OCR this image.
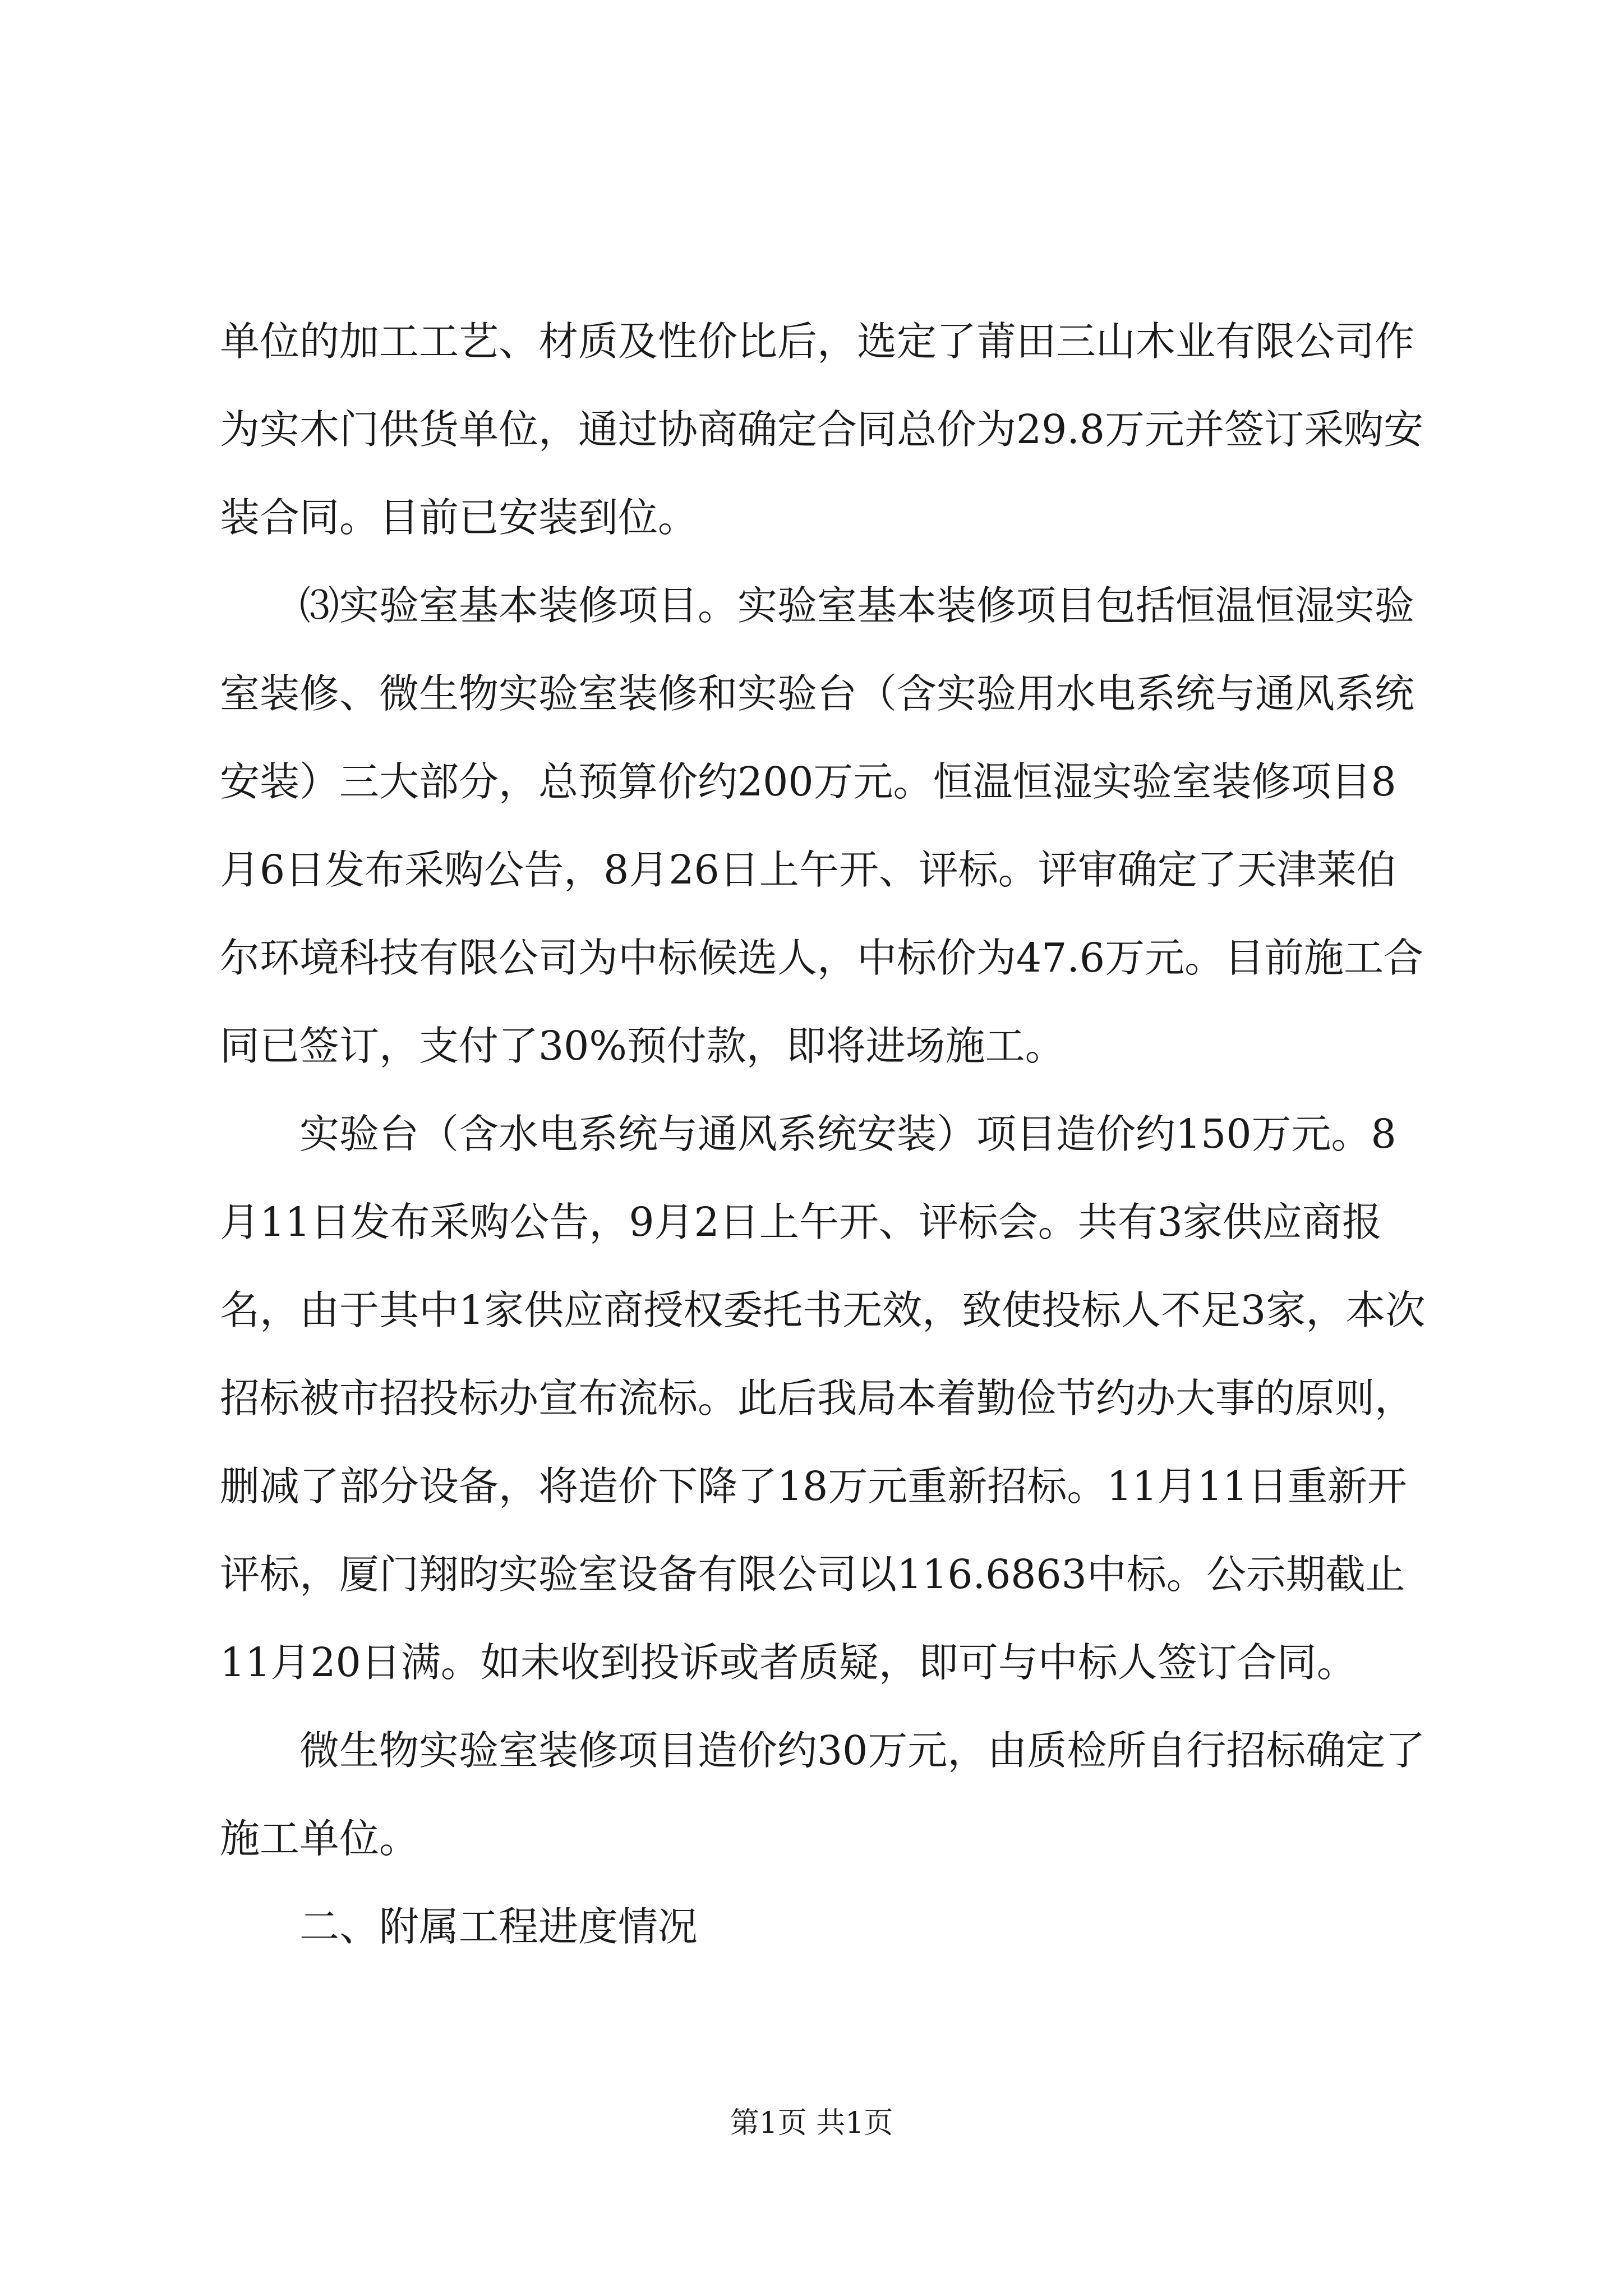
单位的加工工艺、材质及性价比后，选定了莆田三山木业有限公司作为实木门供货单位，通过协商确定合同总价为29.8万元并签订采购安装合同。目前已安装到位。

⑶实验室基本装修项目。实验室基本装修项目包括恒温恒湿实验室装修、微生物实验室装修和实验台（含实验用水电系统与通风系统安装）三大部分，总预算价约200万元。恒温恒湿实验室装修项目8月6日发布采购公告，8月26日上午开、评标。评审确定了天津莱伯尔环境科技有限公司为中标候选人，中标价为47.6万元。目前施工合同已签订，支付了30%预付款，即将进场施工。

实验台（含水电系统与通风系统安装）项目造价约150万元。8月11日发布采购公告，9月2日上午开、评标会。共有3家供应商报名，由于其中1家供应商授权委托书无效，致使投标人不足3家，本次招标被市招投标办宣布流标。此后我局本着勤俭节约办大事的原则，删减了部分设备，将造价下降了18万元重新招标。11月11日重新开评标，厦门翔昀实验室设备有限公司以116.6863中标。公示期截止11月20日满。如未收到投诉或者质疑，即可与中标人签订合同。

微生物实验室装修项目造价约30万元，由质检所自行招标确定了施工单位。

二、附属工程进度情况

第1页 共1页
